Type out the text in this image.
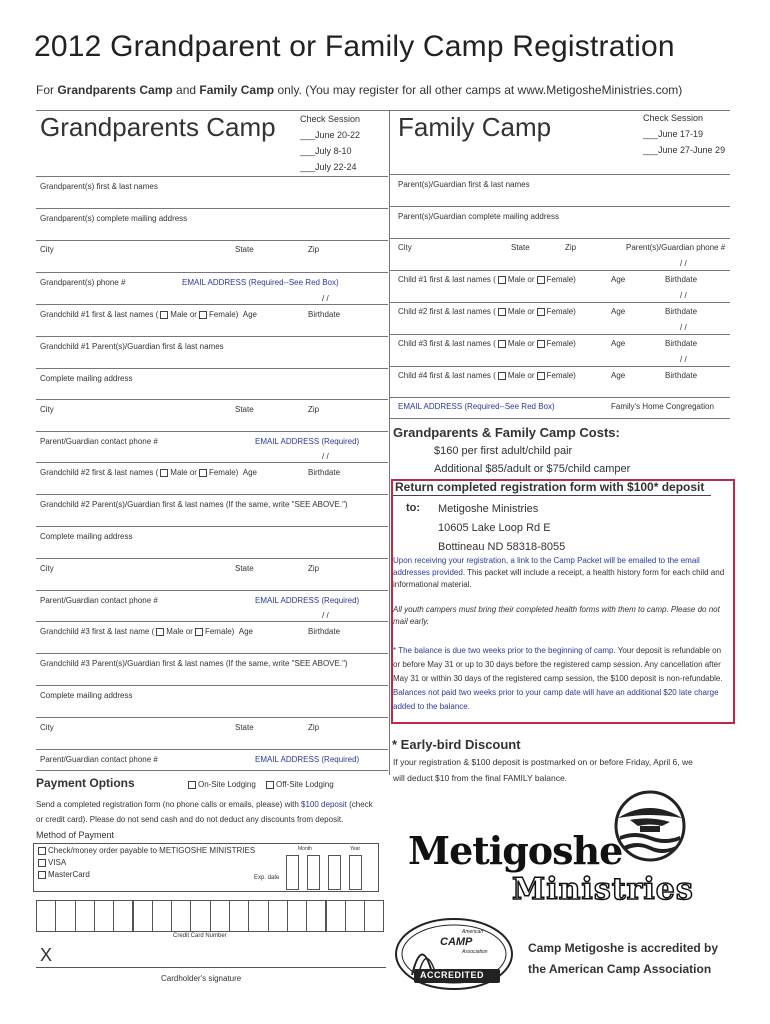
2012 Grandparent or Family Camp Registration
For Grandparents Camp and Family Camp only. (You may register for all other camps at www.MetigosheMinistries.com)
Grandparents Camp	Check Session
___June 20-22
___July 8-10
___July 22-24
Grandparent(s) first & last names
Grandparent(s) complete mailing address
City	State	Zip
Grandparent(s) phone #	EMAIL ADDRESS (Required--See Red Box)
/ /
Grandchild #1 first & last names ( Male or Female) Age	Birthdate
Grandchild #1 Parent(s)/Guardian first & last names
Complete mailing address
City	State	Zip
Parent/Guardian contact phone #	EMAIL ADDRESS (Required)
/ /
Grandchild #2 first & last names ( Male or Female) Age	Birthdate
Grandchild #2 Parent(s)/Guardian first & last names (If the same, write "SEE ABOVE.")
Complete mailing address
City	State	Zip
Parent/Guardian contact phone #	EMAIL ADDRESS (Required)
/ /
Grandchild #3 first & last name ( Male or Female) Age	Birthdate
Grandchild #3 Parent(s)/Guardian first & last names (If the same, write "SEE ABOVE.")
Complete mailing address
City	State	Zip
Parent/Guardian contact phone #	EMAIL ADDRESS (Required)
Family Camp	Check Session
___June 17-19
___June 27-June 29
Parent(s)/Guardian first & last names
Parent(s)/Guardian complete mailing address
City	State	Zip	Parent(s)/Guardian phone #
/ /
Child #1 first & last names ( Male or Female)	Age	Birthdate
/ /
Child #2 first & last names ( Male or Female)	Age	Birthdate
/ /
Child #3 first & last names ( Male or Female)	Age	Birthdate
/ /
Child #4 first & last names ( Male or Female)	Age	Birthdate
EMAIL ADDRESS (Required--See Red Box)	Family's Home Congregation
Grandparents & Family Camp Costs:
$160 per first adult/child pair
Additional $85/adult or $75/child camper
Return completed registration form with $100* deposit
to: Metigoshe Ministries
10605 Lake Loop Rd E
Bottineau ND 58318-8055
Upon receiving your registration, a link to the Camp Packet will be emailed to the email addresses provided. This packet will include a receipt, a health history form for each child and informational material.
All youth campers must bring their completed health forms with them to camp. Please do not mail early.
* The balance is due two weeks prior to the beginning of camp. Your deposit is refundable on or before May 31 or up to 30 days before the registered camp session. Any cancellation after May 31 or within 30 days of the registered camp session, the $100 deposit is non-refundable. Balances not paid two weeks prior to your camp date will have an additional $20 late charge added to the balance.
* Early-bird Discount
If your registration & $100 deposit is postmarked on or before Friday, April 6, we
will deduct $10 from the final FAMILY balance.
Payment Options	On-Site Lodging	Off-Site Lodging
Send a completed registration form (no phone calls or emails, please) with $100 deposit (check
or credit card). Please do not send cash and do not deduct any discounts from deposit.
Method of Payment
Check/money order payable to METIGOSHE MINISTRIES
VISA
MasterCard
Month	Year
Exp. date
Credit Card Number
X
Cardholder's signature
Metigoshe
Ministries
CAMP
American
Association
ACCREDITED
Camp Metigoshe is accredited by
the American Camp Association
